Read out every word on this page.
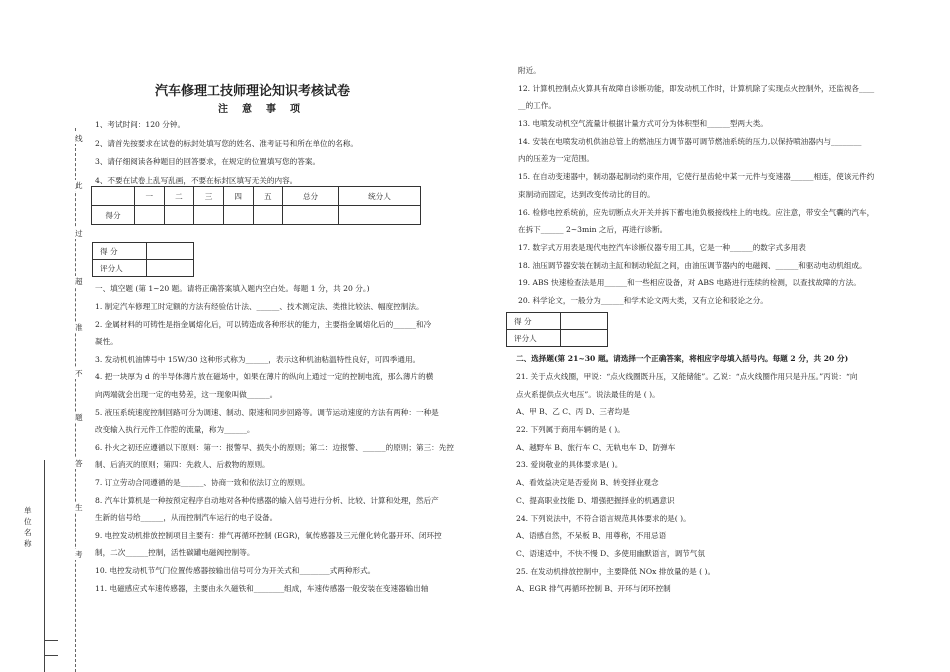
线
此
过
超
准
不
题
答
生
考
单位名称
汽车修理工技师理论知识考核试卷
注意事项
1、考试时间：120 分钟。
2、请首先按要求在试卷的标封处填写您的姓名、准考证号和所在单位的名称。
3、请仔细阅读各种题目的回答要求，在规定的位置填写您的答案。
4、不要在试卷上乱写乱画，不要在标封区填写无关的内容。
	一	二	三	四	五	总分	统分人
得分							
得 分	
评分人	
一、填空题 (第 1~20 题。请将正确答案填入题内空白处。每题 1 分，共 20 分。)
1. 制定汽车修理工时定额的方法有经验估计法、______、技术测定法、类推比较法、幅度控制法。
2. 金属材料的可铸性是指金属熔化后，可以铸造成各种形状的能力，主要指金属熔化后的______和冷
凝性。
3. 发动机机油牌号中 15W/30 这种形式称为______，表示这种机油粘温特性良好，可四季通用。
4. 把一块厚为 d 的半导体薄片放在磁场中，如果在薄片的纵向上通过一定的控制电流，那么薄片的横
向两端就会出现一定的电势差，这一现象叫做______。
5. 液压系统速度控制回路可分为调速、制动、限速和同步回路等。调节运动速度的方法有两种：一种是
改变输入执行元件工作腔的流量，称为______。
6. 扑火之初还应遵循以下原则：第一：报警早、损失小的原则；第二：边报警、______的原则；第三：先控
制、后消灭的原则；第四：先救人、后救物的原则。
7. 订立劳动合同遵循的是______、协商一致和依法订立的原则。
8. 汽车计算机是一种按预定程序自动地对各种传感器的输入信号进行分析、比较、计算和处理，然后产
生新的信号给______，从而控制汽车运行的电子设备。
9. 电控发动机排放控制项目主要有：排气再循环控制 (EGR)，氧传感器及三元催化转化器开环、闭环控
制，二次______控制，活性碳罐电磁阀控制等。
10. 电控发动机节气门位置传感器按输出信号可分为开关式和________式两种形式。
11. 电磁感应式车速传感器，主要由永久磁铁和________组成，车速传感器一般安装在变速器输出轴
附近。
12. 计算机控制点火算具有故障自诊断功能，即发动机工作时，计算机除了实现点火控制外，还监视各____
__的工作。
13. 电喷发动机空气流量计根据计量方式可分为体积型和______型两大类。
14. 安装在电喷发动机供油总管上的燃油压力调节器可调节燃油系统的压力,以保持喷油器内与________
内的压差为一定范围。
15. 在自动变速器中，制动器起制动约束作用，它使行星齿轮中某一元件与变速器______相连，使该元件约
束制动而固定，达到改变传动比的目的。
16. 检修电控系统前，应先切断点火开关并拆下蓄电池负极接线柱上的电线。应注意，带安全气囊的汽车，
在拆下______ 2~3min 之后，再进行诊断。
17. 数字式万用表是现代电控汽车诊断仪器专用工具，它是一种______的数字式多用表
18. 油压调节器安装在制动主缸和制动轮缸之间，由油压调节器内的电磁阀、______和驱动电动机组成。
19. ABS 快速检查法是用______和一些相应设备，对 ABS 电路进行连续的检测，以查找故障的方法。
20. 科学论文，一般分为______和学术论文两大类，又有立论和驳论之分。
得 分	
评分人	
二、选择题(第 21~30 题。请选择一个正确答案，将相应字母填入括号内。每题 2 分，共 20 分)
21. 关于点火线圈，甲说：“点火线圈既升压，又能储能”。乙说：“点火线圈作用只是升压。”丙说：“向
点火系提供点火电压”。说法最佳的是 ( )。
A、甲 B、乙 C、丙 D、三者均是
22. 下列属于商用车辆的是 ( )。
A、越野车 B、旅行车 C、无轨电车 D、防弹车
23. 爱岗敬业的具体要求是( )。
A、看效益决定是否爱岗 B、转变择业观念
C、提高职业技能 D、增强把握择业的机遇意识
24. 下列说法中，不符合语言规范具体要求的是( )。
A、语感自然，不呆板 B、用尊称，不用忌语
C、语速适中，不快不慢 D、多使用幽默语言，调节气氛
25. 在发动机排放控制中，主要降低 NOx 排放量的是 ( )。
A、EGR 排气再循环控制 B、开环与闭环控制
